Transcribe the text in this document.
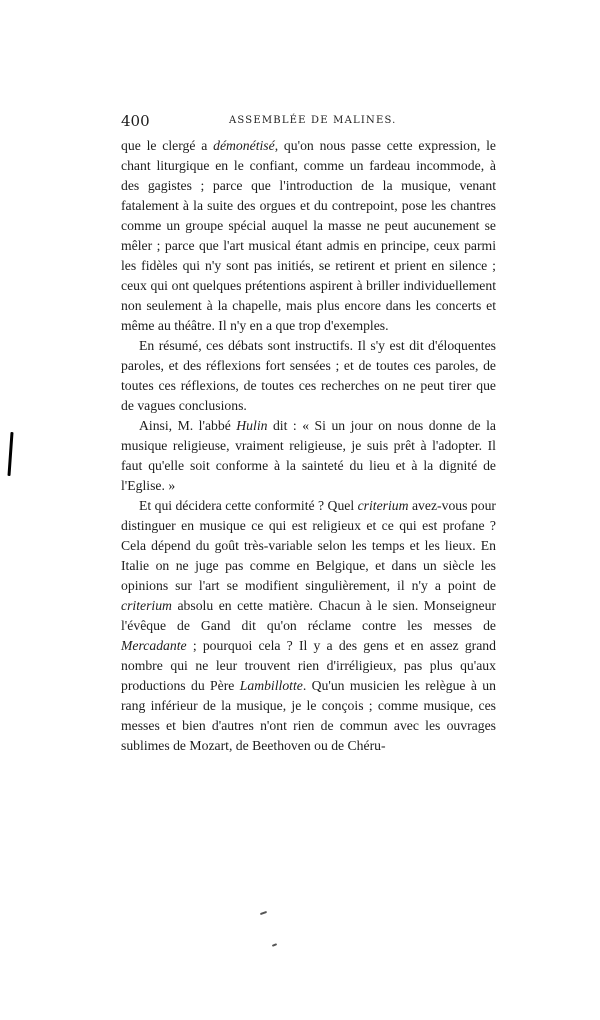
400	ASSEMBLÉE DE MALINES.

que le clergé a démonétisé, qu'on nous passe cette expression, le chant liturgique en le confiant, comme un fardeau incommode, à des gagistes ; parce que l'introduction de la musique, venant fatalement à la suite des orgues et du contrepoint, pose les chantres comme un groupe spécial auquel la masse ne peut aucunement se mêler ; parce que l'art musical étant admis en principe, ceux parmi les fidèles qui n'y sont pas initiés, se retirent et prient en silence ; ceux qui ont quelques prétentions aspirent à briller individuellement non seulement à la chapelle, mais plus encore dans les concerts et même au théâtre. Il n'y en a que trop d'exemples.

En résumé, ces débats sont instructifs. Il s'y est dit d'éloquentes paroles, et des réflexions fort sensées ; et de toutes ces paroles, de toutes ces réflexions, de toutes ces recherches on ne peut tirer que de vagues conclusions.

Ainsi, M. l'abbé Hulin dit : « Si un jour on nous donne de la musique religieuse, vraiment religieuse, je suis prêt à l'adopter. Il faut qu'elle soit conforme à la sainteté du lieu et à la dignité de l'Eglise. »

Et qui décidera cette conformité ? Quel criterium avez-vous pour distinguer en musique ce qui est religieux et ce qui est profane ? Cela dépend du goût très-variable selon les temps et les lieux. En Italie on ne juge pas comme en Belgique, et dans un siècle les opinions sur l'art se modifient singulièrement, il n'y a point de criterium absolu en cette matière. Chacun à le sien. Monseigneur l'évêque de Gand dit qu'on réclame contre les messes de Mercadante ; pourquoi cela ? Il y a des gens et en assez grand nombre qui ne leur trouvent rien d'irréligieux, pas plus qu'aux productions du Père Lambillotte. Qu'un musicien les relègue à un rang inférieur de la musique, je le conçois ; comme musique, ces messes et bien d'autres n'ont rien de commun avec les ouvrages sublimes de Mozart, de Beethoven ou de Chéru-
